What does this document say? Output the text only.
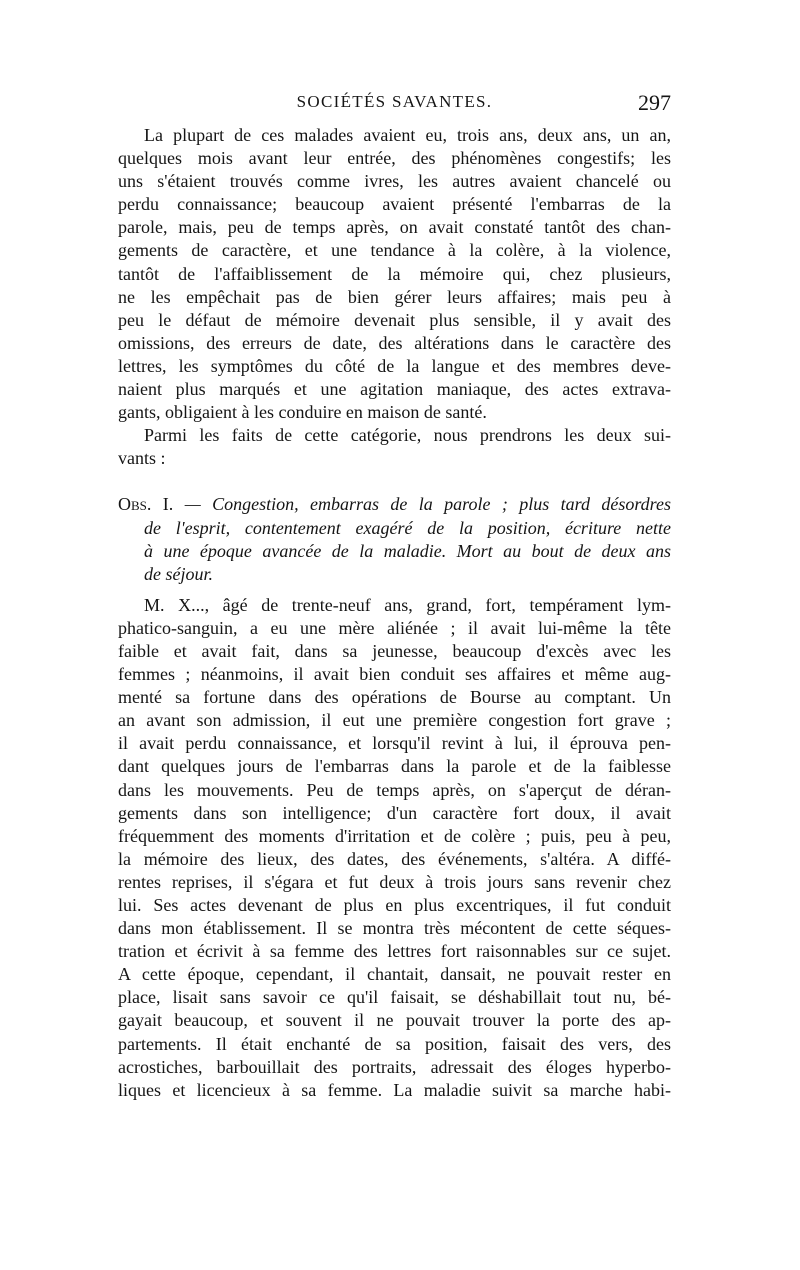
SOCIÉTÉS SAVANTES.	297
La plupart de ces malades avaient eu, trois ans, deux ans, un an,
quelques mois avant leur entrée, des phénomènes congestifs; les
uns s'étaient trouvés comme ivres, les autres avaient chancelé ou
perdu connaissance; beaucoup avaient présenté l'embarras de la
parole, mais, peu de temps après, on avait constaté tantôt des chan-
gements de caractère, et une tendance à la colère, à la violence,
tantôt de l'affaiblissement de la mémoire qui, chez plusieurs,
ne les empêchait pas de bien gérer leurs affaires; mais peu à
peu le défaut de mémoire devenait plus sensible, il y avait des
omissions, des erreurs de date, des altérations dans le caractère des
lettres, les symptômes du côté de la langue et des membres deve-
naient plus marqués et une agitation maniaque, des actes extrava-
gants, obligaient à les conduire en maison de santé.
Parmi les faits de cette catégorie, nous prendrons les deux sui-
vants :
Obs. I. — Congestion, embarras de la parole ; plus tard désordres
de l'esprit, contentement exagéré de la position, écriture nette
à une époque avancée de la maladie. Mort au bout de deux ans
de séjour.
M. X..., âgé de trente-neuf ans, grand, fort, tempérament lym-
phatico-sanguin, a eu une mère aliénée ; il avait lui-même la tête
faible et avait fait, dans sa jeunesse, beaucoup d'excès avec les
femmes ; néanmoins, il avait bien conduit ses affaires et même aug-
menté sa fortune dans des opérations de Bourse au comptant. Un
an avant son admission, il eut une première congestion fort grave ;
il avait perdu connaissance, et lorsqu'il revint à lui, il éprouva pen-
dant quelques jours de l'embarras dans la parole et de la faiblesse
dans les mouvements. Peu de temps après, on s'aperçut de déran-
gements dans son intelligence; d'un caractère fort doux, il avait
fréquemment des moments d'irritation et de colère ; puis, peu à peu,
la mémoire des lieux, des dates, des événements, s'altéra. A diffé-
rentes reprises, il s'égara et fut deux à trois jours sans revenir chez
lui. Ses actes devenant de plus en plus excentriques, il fut conduit
dans mon établissement. Il se montra très mécontent de cette séques-
tration et écrivit à sa femme des lettres fort raisonnables sur ce sujet.
A cette époque, cependant, il chantait, dansait, ne pouvait rester en
place, lisait sans savoir ce qu'il faisait, se déshabillait tout nu, bé-
gayait beaucoup, et souvent il ne pouvait trouver la porte des ap-
partements. Il était enchanté de sa position, faisait des vers, des
acrostiches, barbouillait des portraits, adressait des éloges hyperbo-
liques et licencieux à sa femme. La maladie suivit sa marche habi-
